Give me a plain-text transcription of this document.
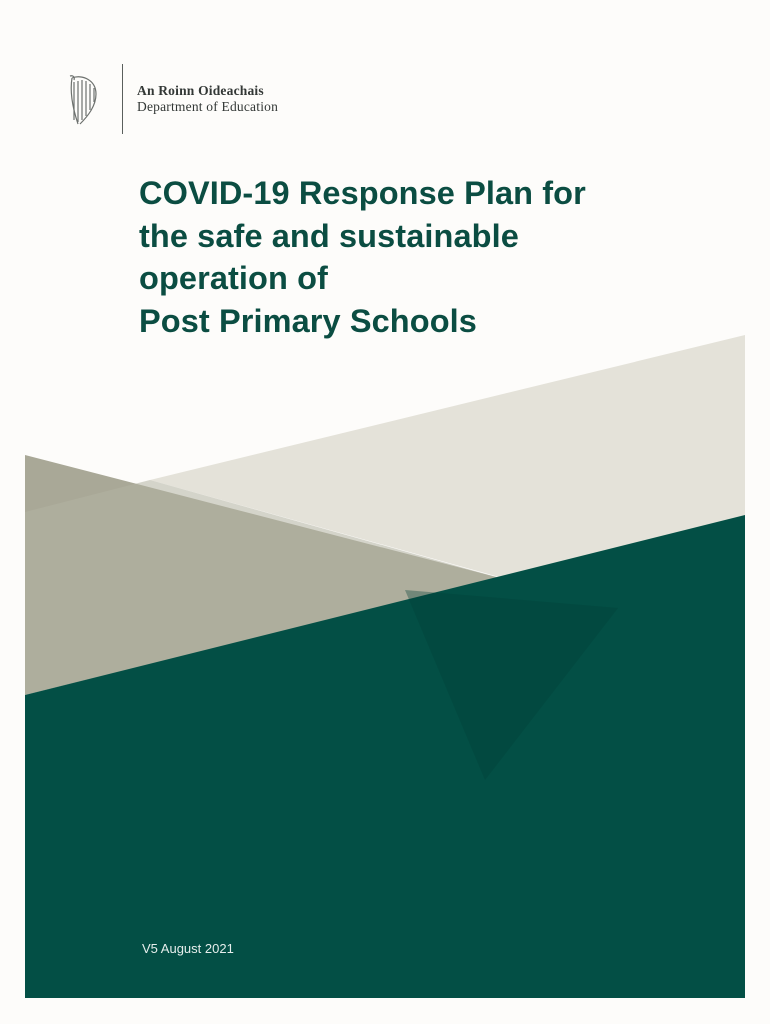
An Roinn Oideachais
Department of Education
COVID-19 Response Plan for
the safe and sustainable
operation of
Post Primary Schools
V5 August 2021
